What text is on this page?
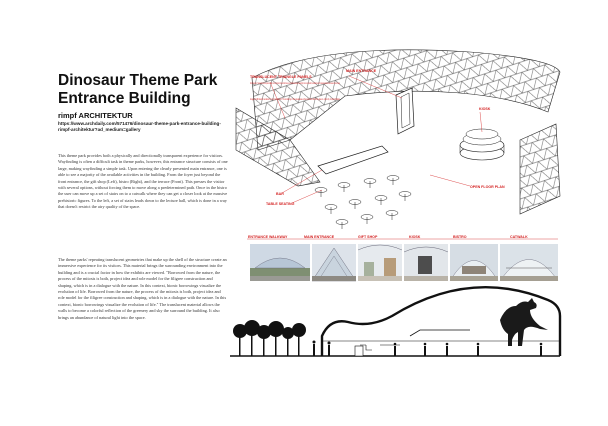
Dinosaur Theme Park
Entrance Building
rimpf ARCHITEKTUR
https://www.archdaily.com/571476/dinosaur-theme-park-entrance-building-rimpf-architektur?ad_medium=gallery

This theme park provides both a physically and directionally transparent experience for visitors. Wayfinding is often a difficult task in theme parks, however, this entrance structure consists of one large, making wayfinding a simple task. Upon entering the clearly presented main entrance, one is able to see a majority of the available activities in the building. From the foyer just beyond the front entrance, the gift shop (Left), bistro (Right), and the terrace (Front). This presses the visitor with several options, without forcing them to move along a predetermined path. Once in the bistro the user can move up a set of stairs on to a catwalk where they can get a closer look at the massive prehistoric figures. To the left, a set of stairs leads down to the lecture hall, which is done in a way that doesn't restrict the airy quality of the space.

The theme parks' repeating translucent geometries that make up the shell of the structure create an immersive experience for its visitors. This material brings the surrounding environment into the building and is a crucial factor in how the exhibits are viewed. "Borrowed from the nature, the process of the mitosis is both, project idea and role model for the filigree construction and shaping, which is in a dialogue with the nature. In this context, bionic borrowings visualize the evolution of life. Borrowed from the nature, the process of the mitosis is both, project idea and role model for the filigree construction and shaping, which is in a dialogue with the nature. In this context, bionic borrowings visualize the evolution of life." The translucent material allows the walls to become a colorful reflection of the greenery and sky the surround the building. It also brings an abundance of natural light into the space.

TRANSLUCENT TRIANGLE PANELS
Images: 3x3D sketch rendered by rimpf architektur, The rendering of the visual area at the lower left allow the glass to. photo by rimpf architektur
MAIN ENTRANCE
KIOSK
OPEN FLOOR PLAN
BAR
TABLE SEATING
ENTRANCE WALKWAY	MAIN ENTRANCE	GIFT SHOP	KIOSK	BISTRO	CATWALK
